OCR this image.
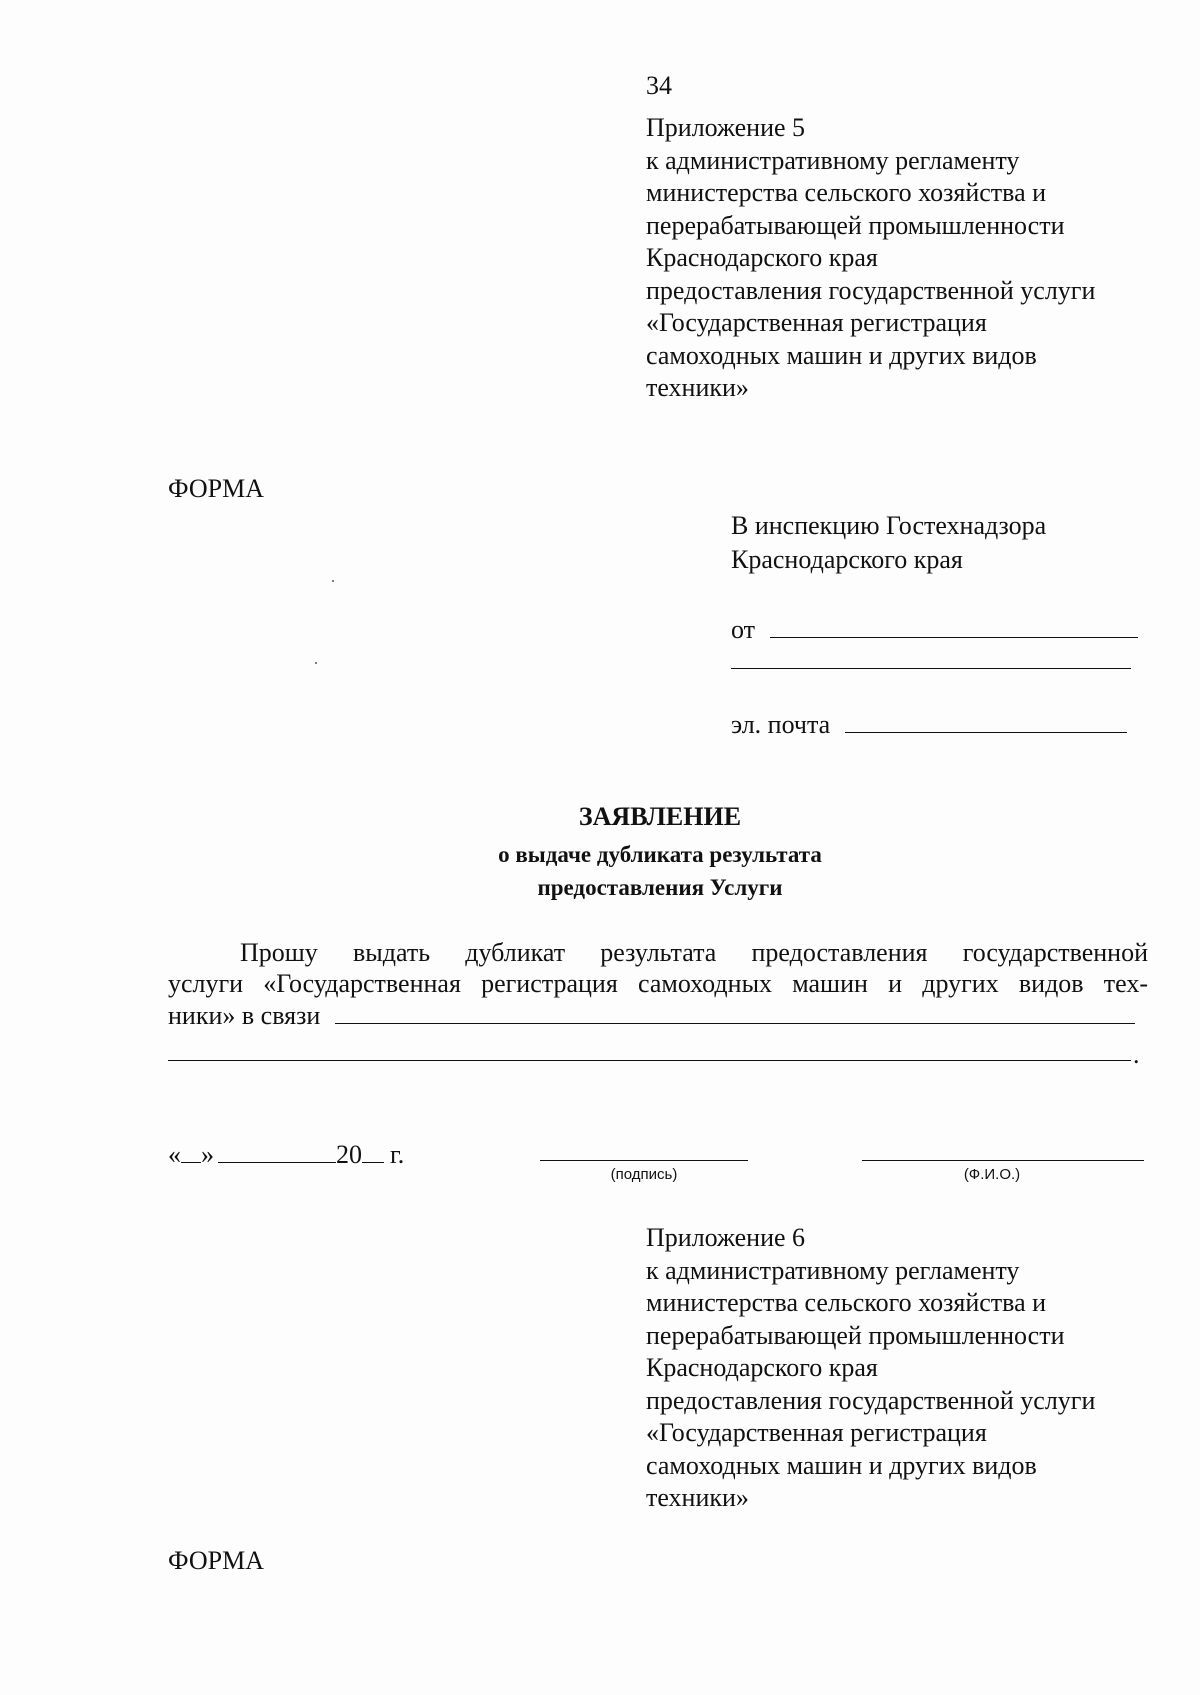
34
Приложение 5
к административному регламенту
министерства сельского хозяйства и
перерабатывающей промышленности
Краснодарского края
предоставления государственной услуги
«Государственная регистрация
самоходных машин и других видов
техники»
ФОРМА
В инспекцию Гостехнадзора
Краснодарского края
от
эл. почта
ЗАЯВЛЕНИЕ
о выдаче дубликата результата
предоставления Услуги
Прошу выдать дубликат результата предоставления государственной
услуги «Государственная регистрация самоходных машин и других видов тех-
ники» в связи
.
« »	20 г.
(подпись)	(Ф.И.О.)
Приложение 6
к административному регламенту
министерства сельского хозяйства и
перерабатывающей промышленности
Краснодарского края
предоставления государственной услуги
«Государственная регистрация
самоходных машин и других видов
техники»
ФОРМА
